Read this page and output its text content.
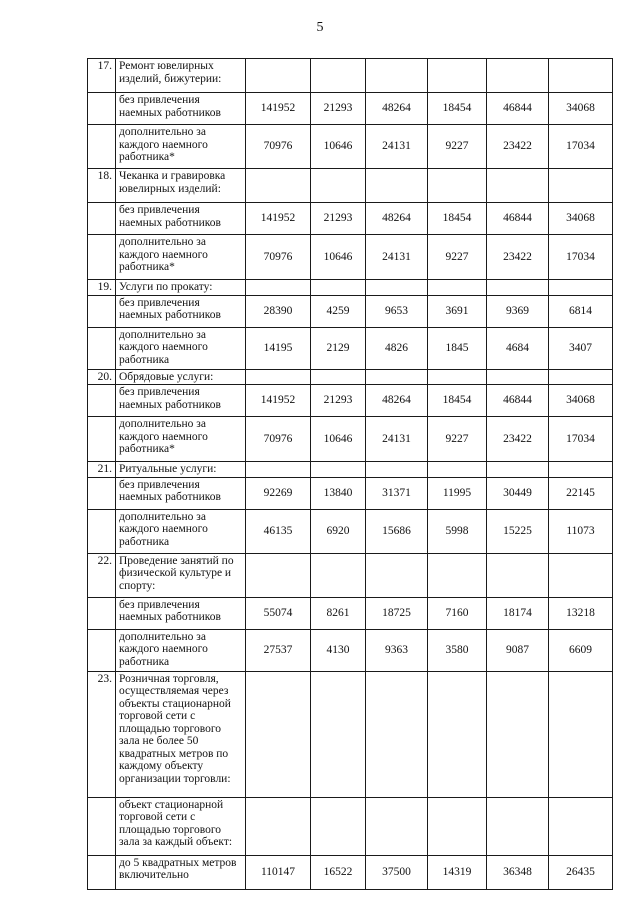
5
17.	Ремонт ювелирных изделий, бижутерии:						
	без привлечения наемных работников	141952	21293	48264	18454	46844	34068
	дополнительно за каждого наемного работника*	70976	10646	24131	9227	23422	17034
18.	Чеканка и гравировка ювелирных изделий:						
	без привлечения наемных работников	141952	21293	48264	18454	46844	34068
	дополнительно за каждого наемного работника*	70976	10646	24131	9227	23422	17034
19.	Услуги по прокату:						
	без привлечения наемных работников	28390	4259	9653	3691	9369	6814
	дополнительно за каждого наемного работника	14195	2129	4826	1845	4684	3407
20.	Обрядовые услуги:						
	без привлечения наемных работников	141952	21293	48264	18454	46844	34068
	дополнительно за каждого наемного работника*	70976	10646	24131	9227	23422	17034
21.	Ритуальные услуги:						
	без привлечения наемных работников	92269	13840	31371	11995	30449	22145
	дополнительно за каждого наемного работника	46135	6920	15686	5998	15225	11073
22.	Проведение занятий по физической культуре и спорту:						
	без привлечения наемных работников	55074	8261	18725	7160	18174	13218
	дополнительно за каждого наемного работника	27537	4130	9363	3580	9087	6609
23.	Розничная торговля, осуществляемая через объекты стационарной торговой сети с площадью торгового зала не более 50 квадратных метров по каждому объекту организации торговли:						
	объект стационарной торговой сети с площадью торгового зала за каждый объект:						
	до 5 квадратных метров включительно	110147	16522	37500	14319	36348	26435
